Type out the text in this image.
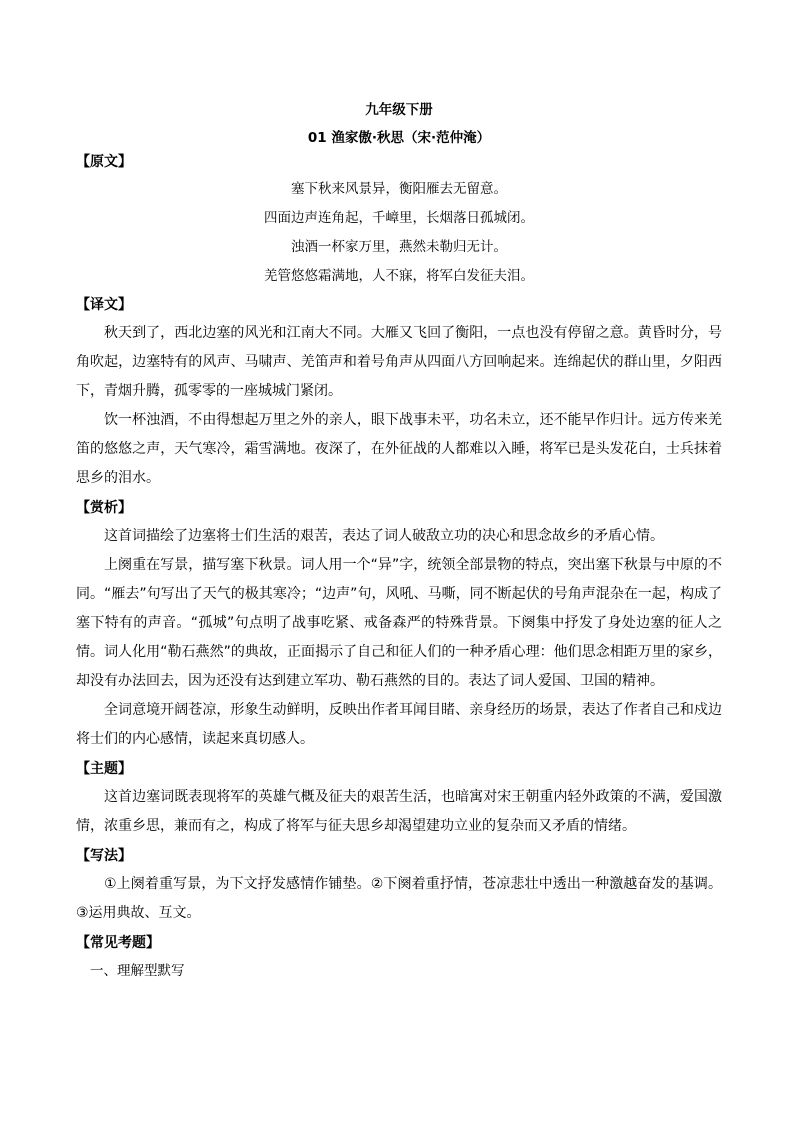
九年级下册

01 渔家傲·秋思（宋·范仲淹）

【原文】

塞下秋来风景异，衡阳雁去无留意。

四面边声连角起，千嶂里，长烟落日孤城闭。

浊酒一杯家万里，燕然未勒归无计。

羌管悠悠霜满地，人不寐，将军白发征夫泪。

【译文】

秋天到了，西北边塞的风光和江南大不同。大雁又飞回了衡阳，一点也没有停留之意。黄昏时分，号角吹起，边塞特有的风声、马啸声、羌笛声和着号角声从四面八方回响起来。连绵起伏的群山里，夕阳西下，青烟升腾，孤零零的一座城城门紧闭。

饮一杯浊酒，不由得想起万里之外的亲人，眼下战事未平，功名未立，还不能早作归计。远方传来羌笛的悠悠之声，天气寒冷，霜雪满地。夜深了，在外征战的人都难以入睡，将军已是头发花白，士兵抹着思乡的泪水。

【赏析】

这首词描绘了边塞将士们生活的艰苦，表达了词人破敌立功的决心和思念故乡的矛盾心情。

上阕重在写景，描写塞下秋景。词人用一个“异”字，统领全部景物的特点，突出塞下秋景与中原的不同。“雁去”句写出了天气的极其寒冷；“边声”句，风吼、马嘶，同不断起伏的号角声混杂在一起，构成了塞下特有的声音。“孤城”句点明了战事吃紧、戒备森严的特殊背景。下阕集中抒发了身处边塞的征人之情。词人化用“勒石燕然”的典故，正面揭示了自己和征人们的一种矛盾心理：他们思念相距万里的家乡，却没有办法回去，因为还没有达到建立军功、勒石燕然的目的。表达了词人爱国、卫国的精神。

全词意境开阔苍凉，形象生动鲜明，反映出作者耳闻目睹、亲身经历的场景，表达了作者自己和戍边将士们的内心感情，读起来真切感人。

【主题】

这首边塞词既表现将军的英雄气概及征夫的艰苦生活，也暗寓对宋王朝重内轻外政策的不满，爱国激情，浓重乡思，兼而有之，构成了将军与征夫思乡却渴望建功立业的复杂而又矛盾的情绪。

【写法】

①上阕着重写景，为下文抒发感情作铺垫。②下阕着重抒情，苍凉悲壮中透出一种激越奋发的基调。③运用典故、互文。

【常见考题】

一、理解型默写
